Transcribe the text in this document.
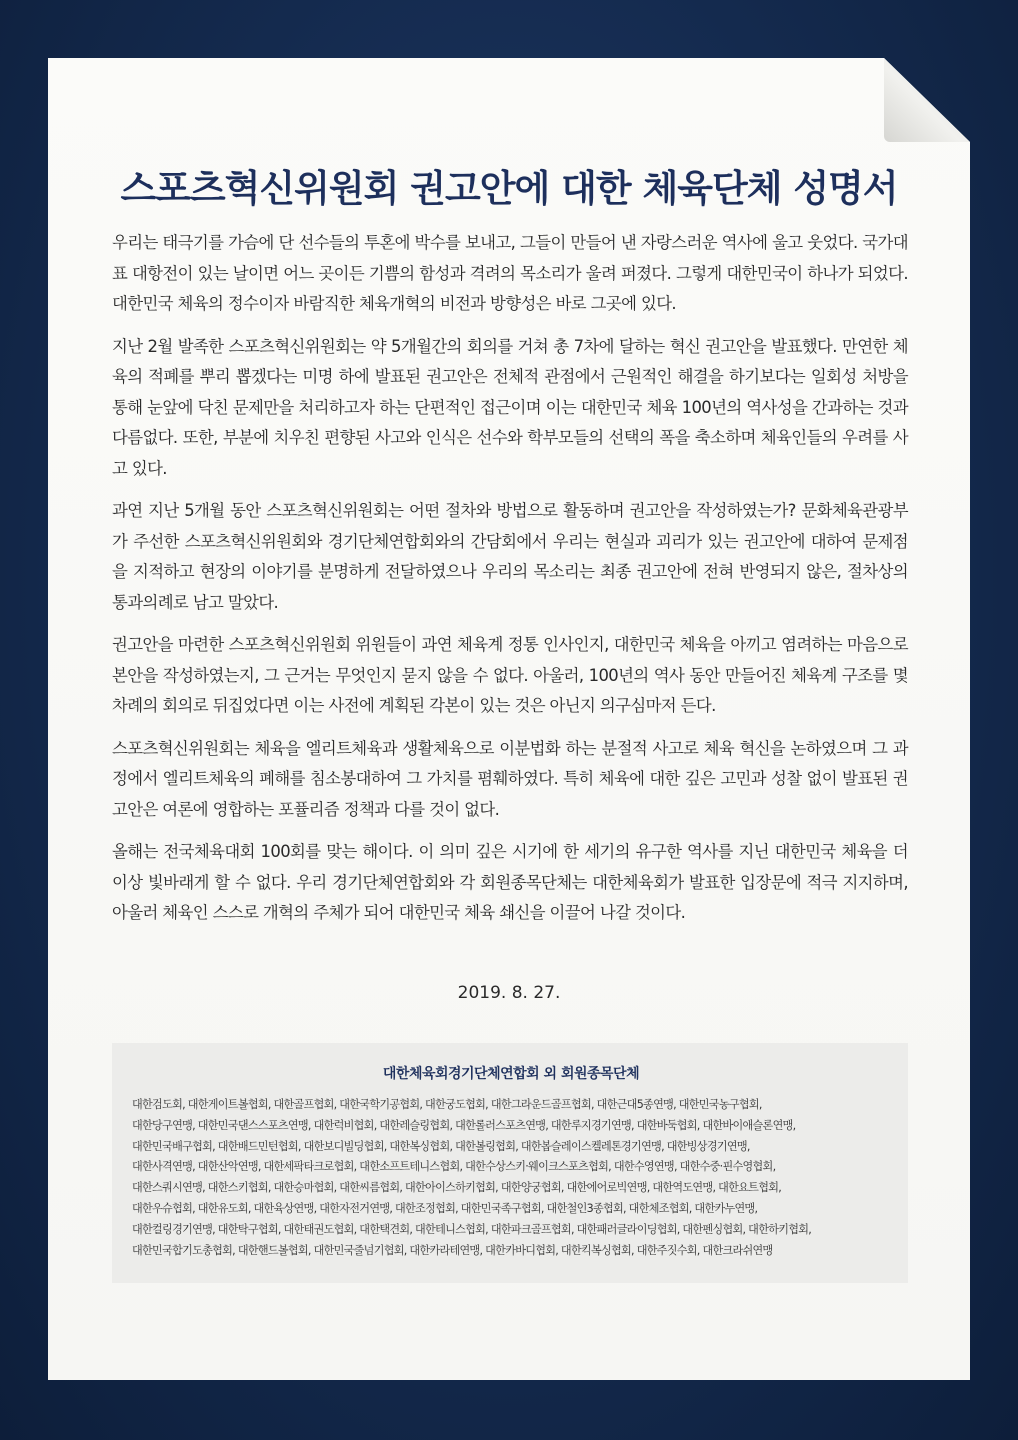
스포츠혁신위원회 권고안에 대한 체육단체 성명서

우리는 태극기를 가슴에 단 선수들의 투혼에 박수를 보내고, 그들이 만들어 낸 자랑스러운 역사에 울고 웃었다. 국가대표 대항전이 있는 날이면 어느 곳이든 기쁨의 함성과 격려의 목소리가 울려 퍼졌다. 그렇게 대한민국이 하나가 되었다. 대한민국 체육의 정수이자 바람직한 체육개혁의 비전과 방향성은 바로 그곳에 있다.

지난 2월 발족한 스포츠혁신위원회는 약 5개월간의 회의를 거쳐 총 7차에 달하는 혁신 권고안을 발표했다. 만연한 체육의 적폐를 뿌리 뽑겠다는 미명 하에 발표된 권고안은 전체적 관점에서 근원적인 해결을 하기보다는 일회성 처방을 통해 눈앞에 닥친 문제만을 처리하고자 하는 단편적인 접근이며 이는 대한민국 체육 100년의 역사성을 간과하는 것과 다름없다. 또한, 부분에 치우친 편향된 사고와 인식은 선수와 학부모들의 선택의 폭을 축소하며 체육인들의 우려를 사고 있다.

과연 지난 5개월 동안 스포츠혁신위원회는 어떤 절차와 방법으로 활동하며 권고안을 작성하였는가? 문화체육관광부가 주선한 스포츠혁신위원회와 경기단체연합회와의 간담회에서 우리는 현실과 괴리가 있는 권고안에 대하여 문제점을 지적하고 현장의 이야기를 분명하게 전달하였으나 우리의 목소리는 최종 권고안에 전혀 반영되지 않은, 절차상의 통과의례로 남고 말았다.

권고안을 마련한 스포츠혁신위원회 위원들이 과연 체육계 정통 인사인지, 대한민국 체육을 아끼고 염려하는 마음으로 본안을 작성하였는지, 그 근거는 무엇인지 묻지 않을 수 없다. 아울러, 100년의 역사 동안 만들어진 체육계 구조를 몇 차례의 회의로 뒤집었다면 이는 사전에 계획된 각본이 있는 것은 아닌지 의구심마저 든다.

스포츠혁신위원회는 체육을 엘리트체육과 생활체육으로 이분법화 하는 분절적 사고로 체육 혁신을 논하였으며 그 과정에서 엘리트체육의 폐해를 침소봉대하여 그 가치를 폄훼하였다. 특히 체육에 대한 깊은 고민과 성찰 없이 발표된 권고안은 여론에 영합하는 포퓰리즘 정책과 다를 것이 없다.

올해는 전국체육대회 100회를 맞는 해이다. 이 의미 깊은 시기에 한 세기의 유구한 역사를 지닌 대한민국 체육을 더 이상 빛바래게 할 수 없다. 우리 경기단체연합회와 각 회원종목단체는 대한체육회가 발표한 입장문에 적극 지지하며, 아울러 체육인 스스로 개혁의 주체가 되어 대한민국 체육 쇄신을 이끌어 나갈 것이다.

2019. 8. 27.
대한체육회경기단체연합회 외 회원종목단체
대한검도회, 대한게이트볼협회, 대한골프협회, 대한국학기공협회, 대한궁도협회, 대한그라운드골프협회, 대한근대5종연맹, 대한민국농구협회,
대한당구연맹, 대한민국댄스스포츠연맹, 대한럭비협회, 대한레슬링협회, 대한롤러스포츠연맹, 대한루지경기연맹, 대한바둑협회, 대한바이애슬론연맹,
대한민국배구협회, 대한배드민턴협회, 대한보디빌딩협회, 대한복싱협회, 대한볼링협회, 대한봅슬레이스켈레톤경기연맹, 대한빙상경기연맹,
대한사격연맹, 대한산악연맹, 대한세팍타크로협회, 대한소프트테니스협회, 대한수상스키·웨이크스포츠협회, 대한수영연맹, 대한수중·핀수영협회,
대한스쿼시연맹, 대한스키협회, 대한승마협회, 대한씨름협회, 대한아이스하키협회, 대한양궁협회, 대한에어로빅연맹, 대한역도연맹, 대한요트협회,
대한우슈협회, 대한유도회, 대한육상연맹, 대한자전거연맹, 대한조정협회, 대한민국족구협회, 대한철인3종협회, 대한체조협회, 대한카누연맹,
대한컬링경기연맹, 대한탁구협회, 대한태권도협회, 대한택견회, 대한테니스협회, 대한파크골프협회, 대한패러글라이딩협회, 대한펜싱협회, 대한하키협회,
대한민국합기도총협회, 대한핸드볼협회, 대한민국줄넘기협회, 대한카라테연맹, 대한카바디협회, 대한킥복싱협회, 대한주짓수회, 대한크라쉬연맹
